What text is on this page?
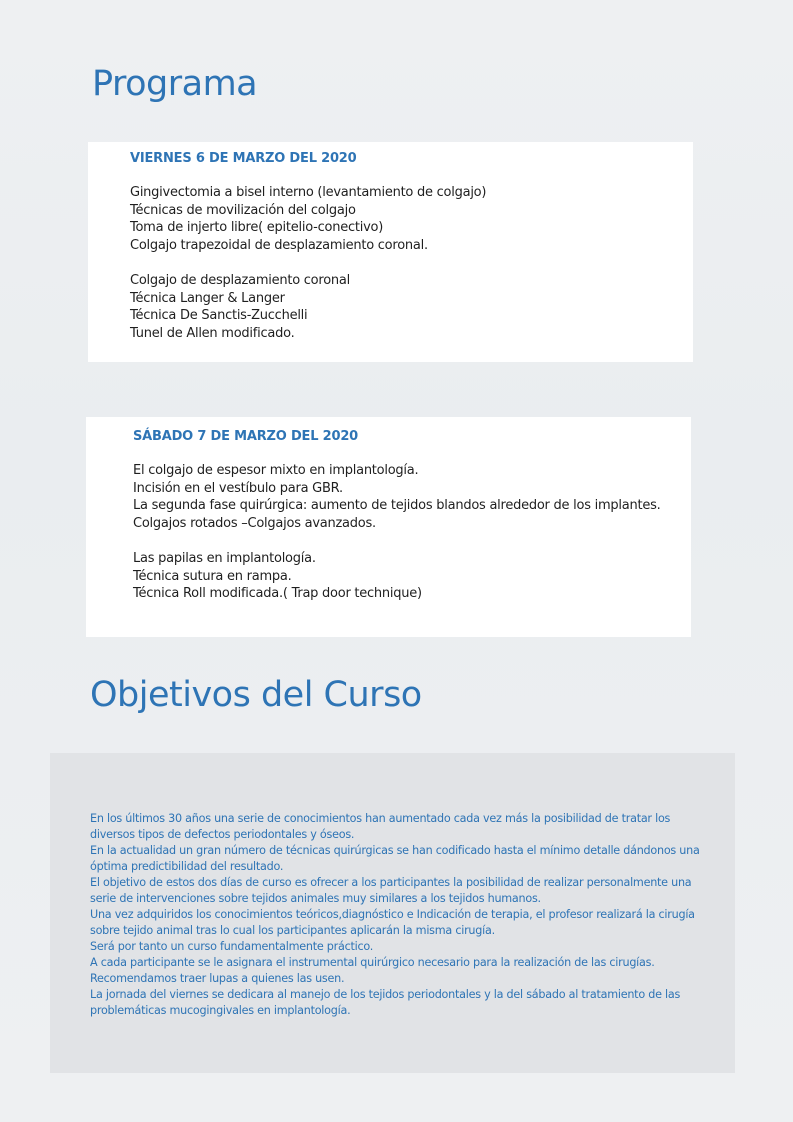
Programa
VIERNES 6 DE MARZO DEL 2020
Gingivectomia a bisel interno (levantamiento de colgajo)
Técnicas de movilización del colgajo
Toma de injerto libre( epitelio-conectivo)
Colgajo trapezoidal de desplazamiento coronal.
Colgajo de desplazamiento coronal
Técnica Langer & Langer
Técnica De Sanctis-Zucchelli
Tunel de Allen modificado.
SÁBADO 7 DE MARZO DEL 2020
El colgajo de espesor mixto en implantología.
Incisión en el vestíbulo para GBR.
La segunda fase quirúrgica: aumento de tejidos blandos alrededor de los implantes.
Colgajos rotados –Colgajos avanzados.
Las papilas en implantología.
Técnica sutura en rampa.
Técnica Roll modificada.( Trap door technique)
Objetivos del Curso

En los últimos 30 años una serie de conocimientos han aumentado cada vez más la posibilidad de tratar los

diversos tipos de defectos periodontales y óseos.

En la actualidad un gran número de técnicas quirúrgicas se han codificado hasta el mínimo detalle dándonos una

óptima predictibilidad del resultado.

El objetivo de estos dos días de curso es ofrecer a los participantes la posibilidad de realizar personalmente una

serie de intervenciones sobre tejidos animales muy similares a los tejidos humanos.

Una vez adquiridos los conocimientos teóricos,diagnóstico e Indicación de terapia, el profesor realizará la cirugía

sobre tejido animal tras lo cual los participantes aplicarán la misma cirugía.

Será por tanto un curso fundamentalmente práctico.

A cada participante se le asignara el instrumental quirúrgico necesario para la realización de las cirugías.

Recomendamos traer lupas a quienes las usen.

La jornada del viernes se dedicara al manejo de los tejidos periodontales y la del sábado al tratamiento de las

problemáticas mucogingivales en implantología.
